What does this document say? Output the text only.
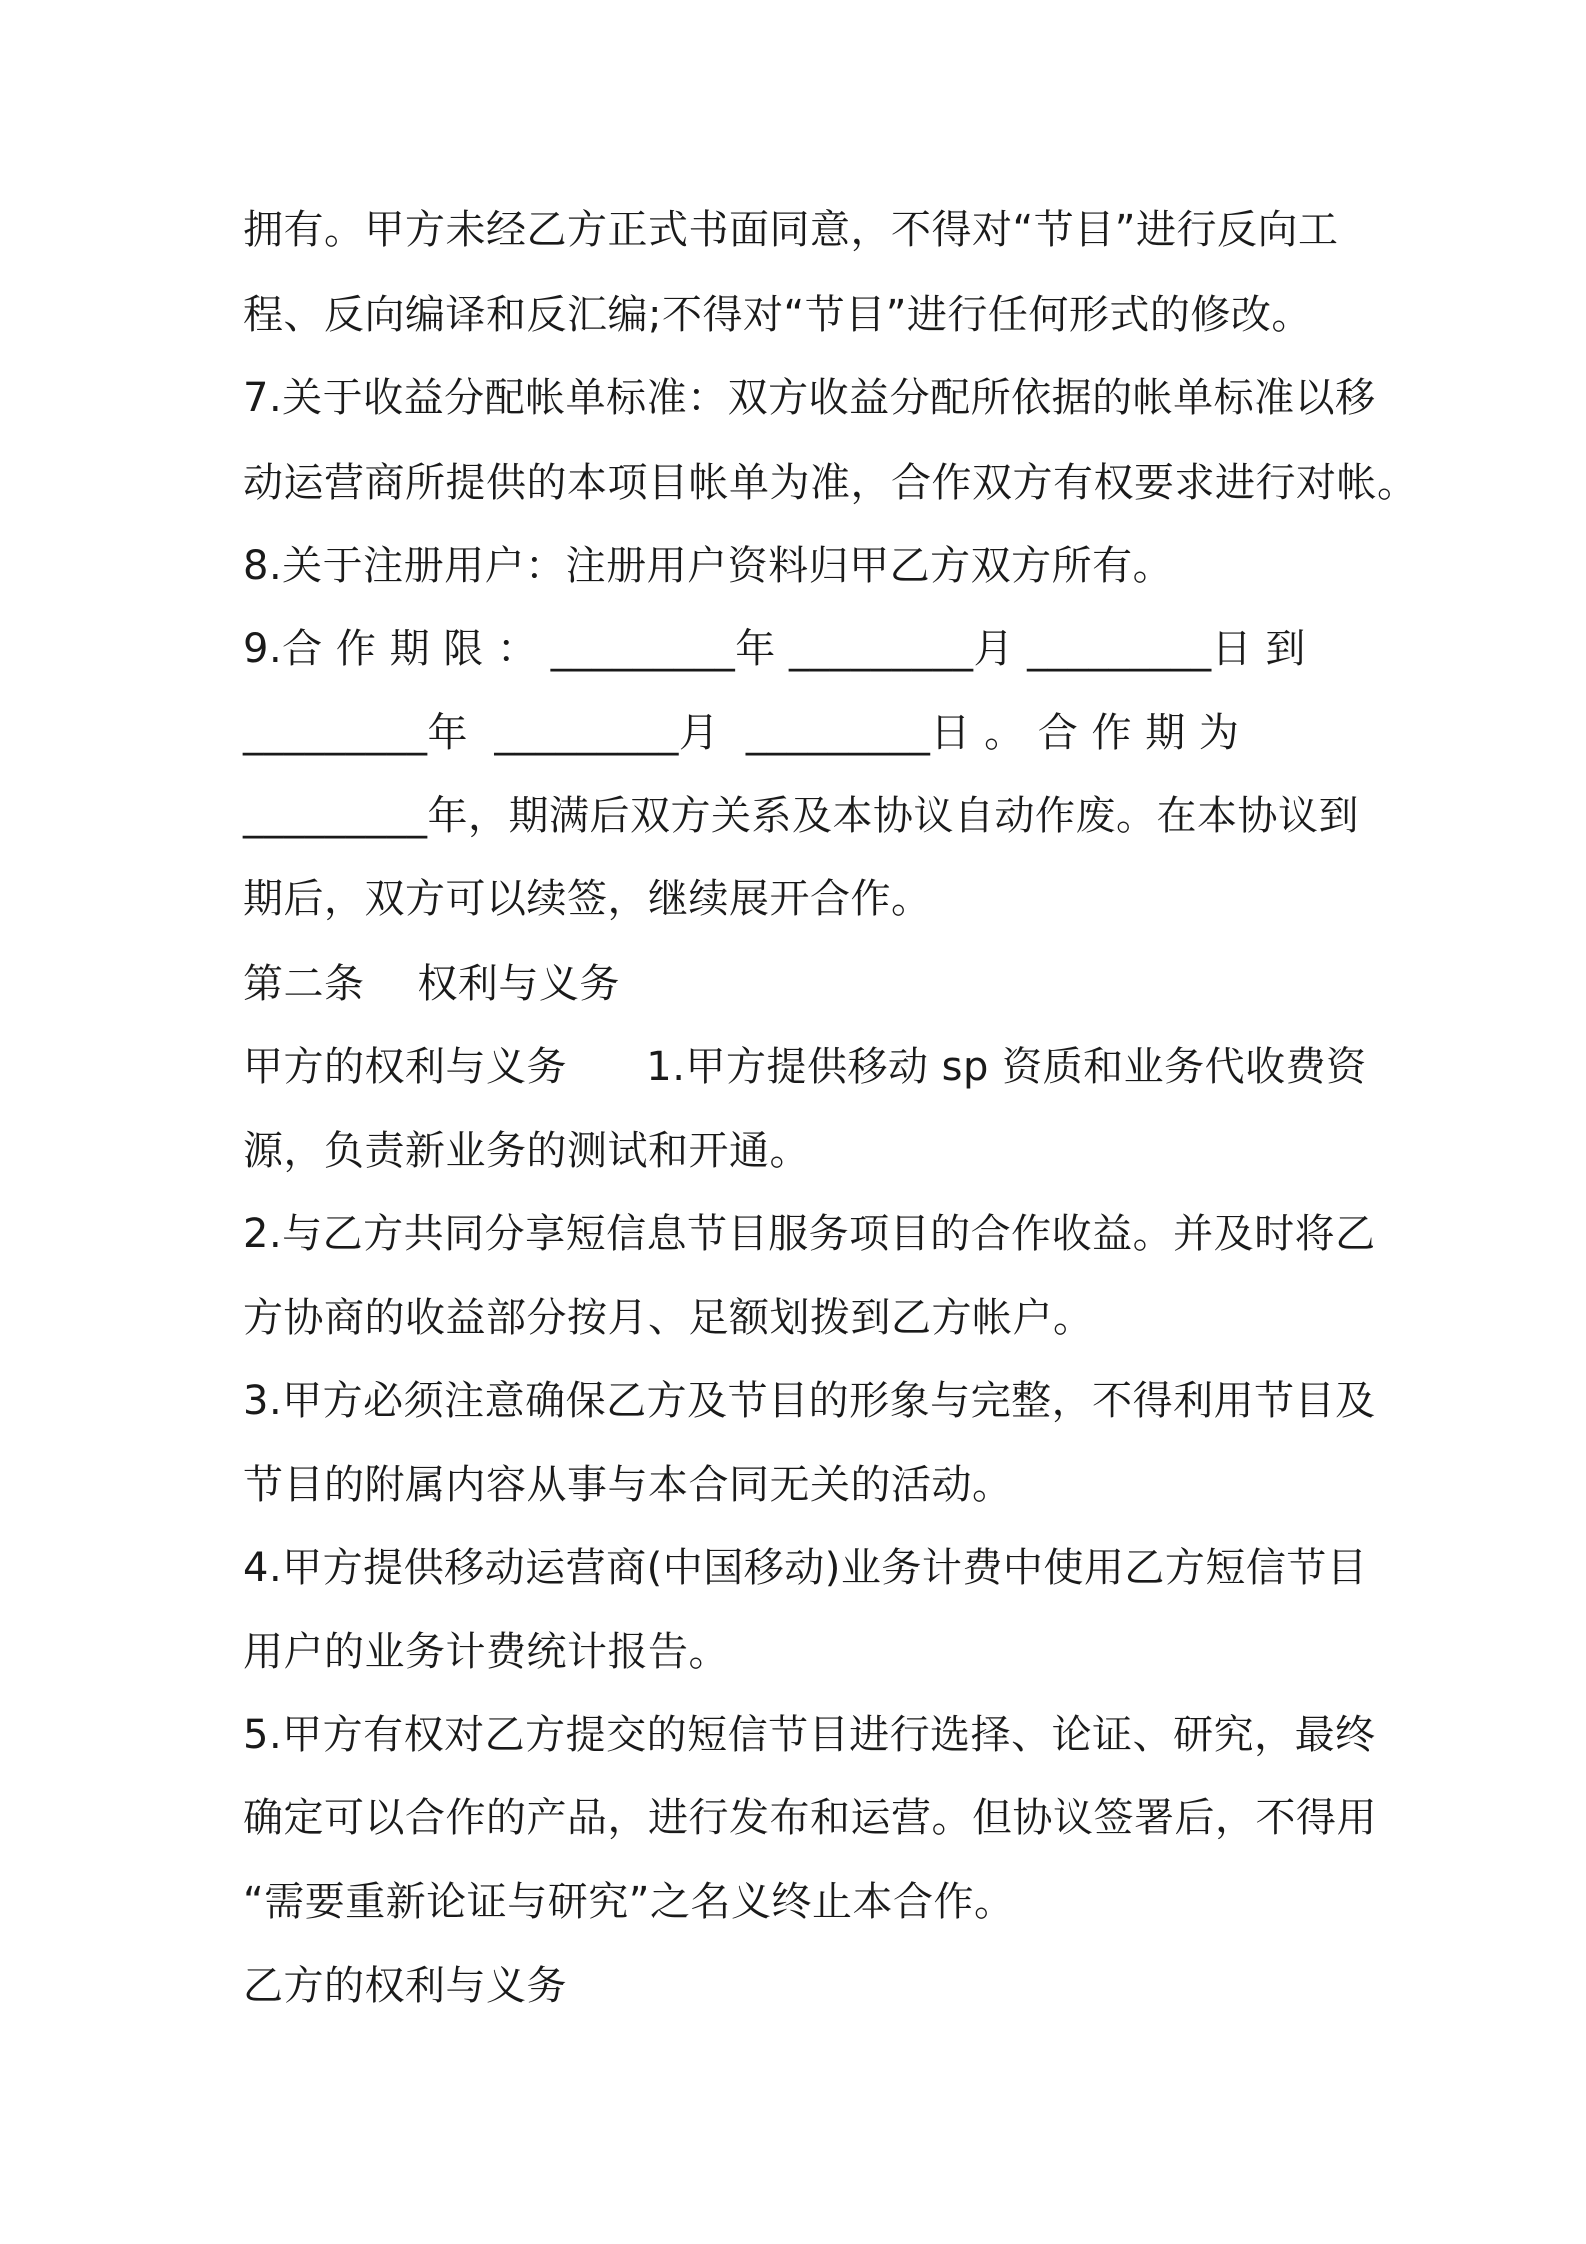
拥有。甲方未经乙方正式书面同意，不得对“节目”进行反向工
程、反向编译和反汇编;不得对“节目”进行任何形式的修改。
7.关于收益分配帐单标准：双方收益分配所依据的帐单标准以移
动运营商所提供的本项目帐单为准，合作双方有权要求进行对帐。
8.关于注册用户：注册用户资料归甲乙方双方所有。
9.合 作 期 限 ： _________年 _________月 _________日 到
_________年  _________月  _________日 。 合 作 期 为
_________年，期满后双方关系及本协议自动作废。在本协议到
期后，双方可以续签，继续展开合作。
第二条    权利与义务
甲方的权利与义务      1.甲方提供移动 sp 资质和业务代收费资
源，负责新业务的测试和开通。
2.与乙方共同分享短信息节目服务项目的合作收益。并及时将乙
方协商的收益部分按月、足额划拨到乙方帐户。
3.甲方必须注意确保乙方及节目的形象与完整，不得利用节目及
节目的附属内容从事与本合同无关的活动。
4.甲方提供移动运营商(中国移动)业务计费中使用乙方短信节目
用户的业务计费统计报告。
5.甲方有权对乙方提交的短信节目进行选择、论证、研究，最终
确定可以合作的产品，进行发布和运营。但协议签署后，不得用
“需要重新论证与研究”之名义终止本合作。
乙方的权利与义务
